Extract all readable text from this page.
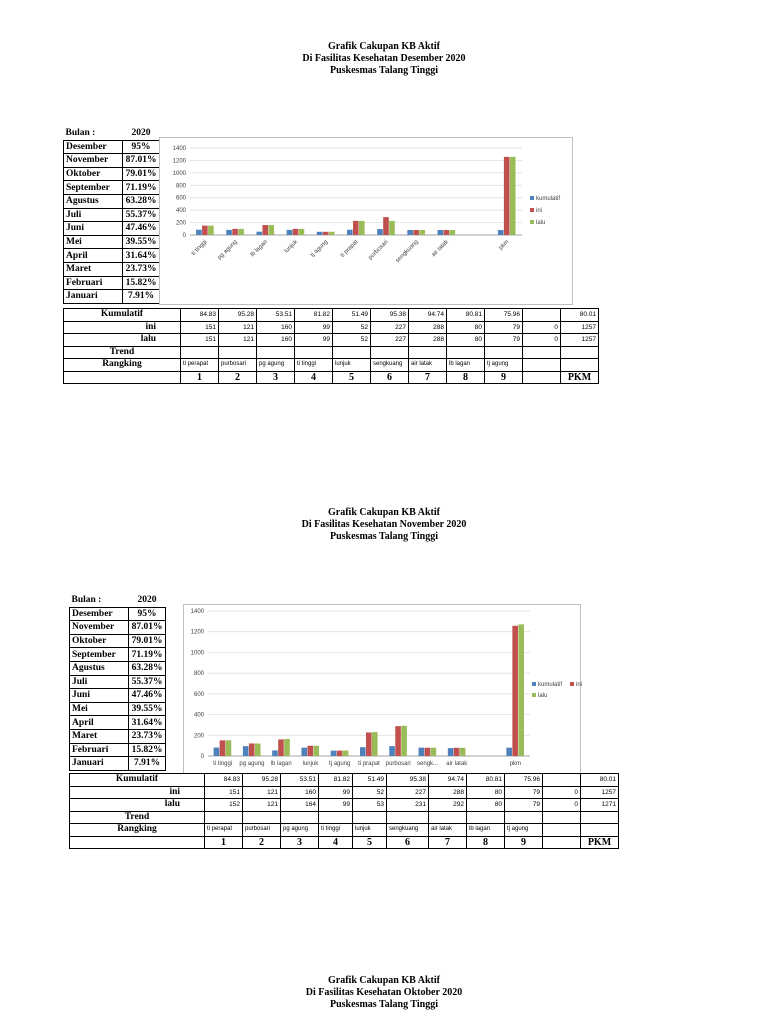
Grafik Cakupan KB Aktif
Di Fasilitas Kesehatan Desember 2020
Puskesmas Talang Tinggi
Bulan :	2020
Desember	95%
November	87.01%
Oktober	79.01%
September	71.19%
Agustus	63.28%
Juli	55.37%
Juni	47.46%
Mei	39.55%
April	31.64%
Maret	23.73%
Februari	15.82%
Januari	7.91%
0
200
400
600
800
1000
1200
1400
ti tinggi pg agung lb lagan lunjuk tj agung ti prapat purbosari sengkuang air latak	pkm
kumulatif
ini
lalu
Kumulatif	84.83	95.28	53.51	81.82	51.49	95.38	94.74	80.81	75.96		80.01
ini	151	121	160	99	52	227	288	80	79	0	1257
lalu	151	121	160	99	52	227	288	80	79	0	1257
Trend											
Rangking	ti perapat	purbosari	pg agung	ti tinggi	lunjuk	sengkuang	air latak	lb lagan	tj agung		
	1	2	3	4	5	6	7	8	9		PKM
Grafik Cakupan KB Aktif
Di Fasilitas Kesehatan November 2020
Puskesmas Talang Tinggi
Bulan :	2020
Desember	95%
November	87.01%
Oktober	79.01%
September	71.19%
Agustus	63.28%
Juli	55.37%
Juni	47.46%
Mei	39.55%
April	31.64%
Maret	23.73%
Februari	15.82%
Januari	7.91%
0
200
400
600
800
1000
1200
1400
ti tinggi pg agung lb lagan lunjuk tj agung ti prapat purbosari sengk... air latak	pkm
kumulatif ini
lalu
Kumulatif	84.83	95.28	53.51	81.82	51.49	95.38	94.74	80.81	75.96		80.01
ini	151	121	160	99	52	227	288	80	79	0	1257
lalu	152	121	164	99	53	231	292	80	79	0	1271
Trend											
Rangking	ti perapat	purbosari	pg agung	ti tinggi	lunjuk	sengkuang	air latak	lb lagan	tj agung		
	1	2	3	4	5	6	7	8	9		PKM
Grafik Cakupan KB Aktif
Di Fasilitas Kesehatan Oktober 2020
Puskesmas Talang Tinggi
